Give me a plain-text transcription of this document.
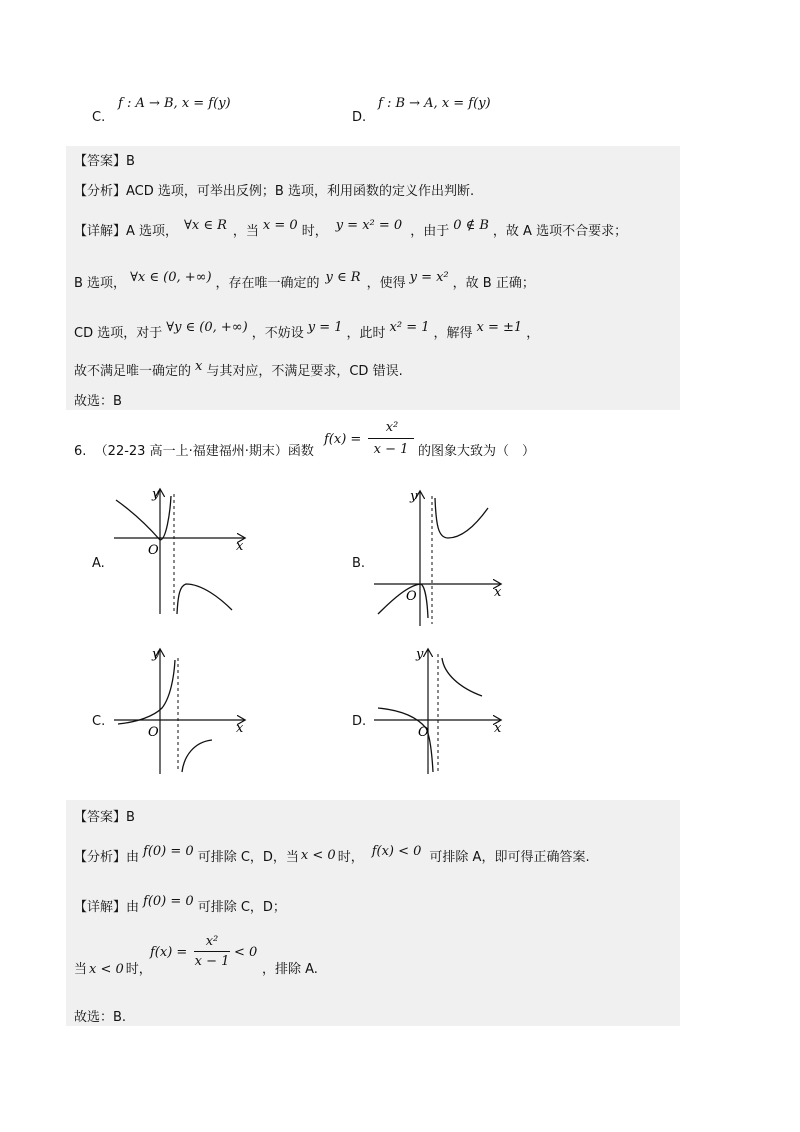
C.
f : A → B, x = f(y)
D.
f : B → A, x = f(y)
【答案】B
【分析】ACD 选项，可举出反例；B 选项，利用函数的定义作出判断.
【详解】A 选项， ∀x ∈ R ，当 x = 0 时， y = x² = 0 ，由于 0 ∉ B ，故 A 选项不合要求；
B 选项， ∀x ∈ (0, +∞) ，存在唯一确定的 y ∈ R ，使得 y = x² ，故 B 正确；
CD 选项，对于 ∀y ∈ (0, +∞) ，不妨设 y = 1 ，此时 x² = 1 ，解得 x = ±1 ，
故不满足唯一确定的 x 与其对应，不满足要求，CD 错误.
故选：B
6. （22-23 高一上·福建福州·期末）函数
f(x) =
x²
x − 1 的图象大致为（　）
A.
O
y
x
B.
O
y
x
C.
O
y
x	D.
O
y
x
【答案】B
【分析】由 f(0) = 0 可排除 C，D，当 x < 0 时， f(x) < 0 可排除 A，即可得正确答案.
【详解】由 f(0) = 0 可排除 C，D；
当 x < 0 时，
f(x) =
x²
x − 1
< 0
，排除 A.
故选：B.
